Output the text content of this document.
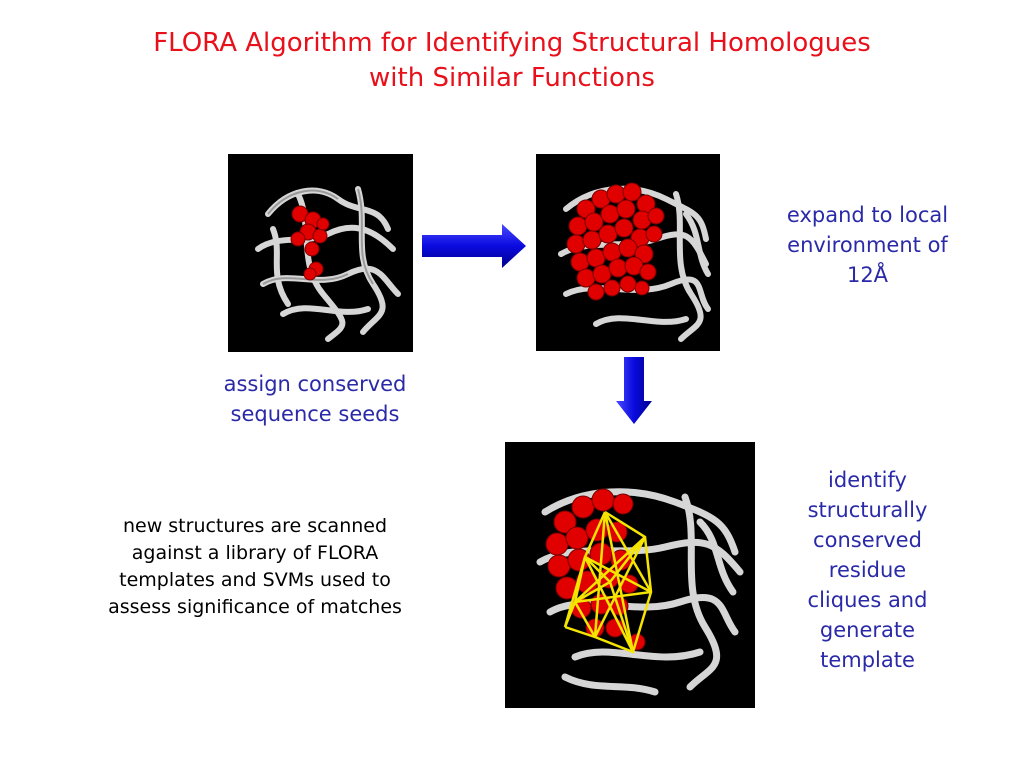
FLORA Algorithm for Identifying Structural Homologues
with Similar Functions
assign conserved
sequence seeds
expand to local
environment of
12Å
identify
structurally
conserved
residue
cliques and
generate
template
new structures are scanned
against a library of FLORA
templates and SVMs used to
assess significance of matches
